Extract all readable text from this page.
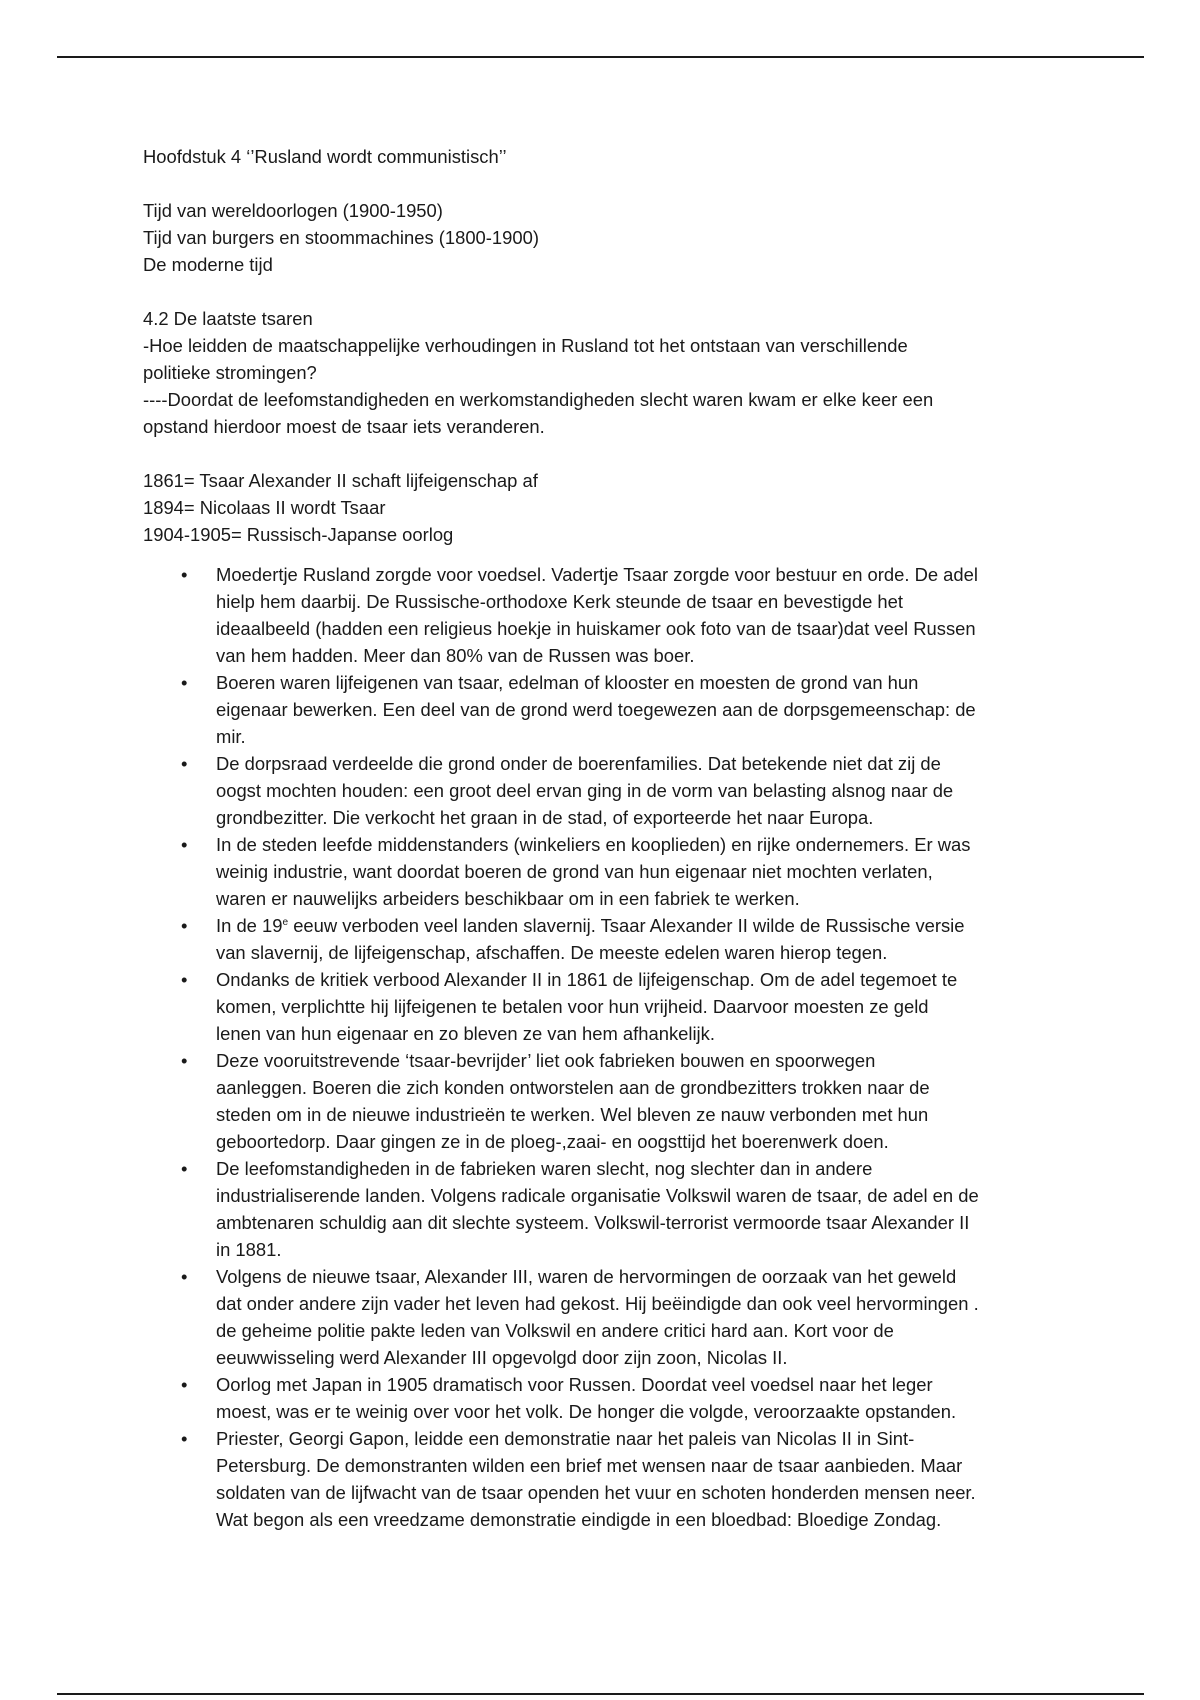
Hoofdstuk 4 ‘’Rusland wordt communistisch’’
Tijd van wereldoorlogen (1900-1950)
Tijd van burgers en stoommachines (1800-1900)
De moderne tijd
4.2 De laatste tsaren
-Hoe leidden de maatschappelijke verhoudingen in Rusland tot het ontstaan van verschillende
politieke stromingen?
----Doordat de leefomstandigheden en werkomstandigheden slecht waren kwam er elke keer een
opstand hierdoor moest de tsaar iets veranderen.
1861= Tsaar Alexander II schaft lijfeigenschap af
1894= Nicolaas II wordt Tsaar
1904-1905= Russisch-Japanse oorlog
• Moedertje Rusland zorgde voor voedsel. Vadertje Tsaar zorgde voor bestuur en orde. De adel
hielp hem daarbij. De Russische-orthodoxe Kerk steunde de tsaar en bevestigde het
ideaalbeeld (hadden een religieus hoekje in huiskamer ook foto van de tsaar)dat veel Russen
van hem hadden. Meer dan 80% van de Russen was boer.
• Boeren waren lijfeigenen van tsaar, edelman of klooster en moesten de grond van hun
eigenaar bewerken. Een deel van de grond werd toegewezen aan de dorpsgemeenschap: de
mir.
• De dorpsraad verdeelde die grond onder de boerenfamilies. Dat betekende niet dat zij de
oogst mochten houden: een groot deel ervan ging in de vorm van belasting alsnog naar de
grondbezitter. Die verkocht het graan in de stad, of exporteerde het naar Europa.
• In de steden leefde middenstanders (winkeliers en kooplieden) en rijke ondernemers. Er was
weinig industrie, want doordat boeren de grond van hun eigenaar niet mochten verlaten,
waren er nauwelijks arbeiders beschikbaar om in een fabriek te werken.
• In de 19e eeuw verboden veel landen slavernij. Tsaar Alexander II wilde de Russische versie
van slavernij, de lijfeigenschap, afschaffen. De meeste edelen waren hierop tegen.
• Ondanks de kritiek verbood Alexander II in 1861 de lijfeigenschap. Om de adel tegemoet te
komen, verplichtte hij lijfeigenen te betalen voor hun vrijheid. Daarvoor moesten ze geld
lenen van hun eigenaar en zo bleven ze van hem afhankelijk.
• Deze vooruitstrevende ‘tsaar-bevrijder’ liet ook fabrieken bouwen en spoorwegen
aanleggen. Boeren die zich konden ontworstelen aan de grondbezitters trokken naar de
steden om in de nieuwe industrieën te werken. Wel bleven ze nauw verbonden met hun
geboortedorp. Daar gingen ze in de ploeg-,zaai- en oogsttijd het boerenwerk doen.
• De leefomstandigheden in de fabrieken waren slecht, nog slechter dan in andere
industrialiserende landen. Volgens radicale organisatie Volkswil waren de tsaar, de adel en de
ambtenaren schuldig aan dit slechte systeem. Volkswil-terrorist vermoorde tsaar Alexander II
in 1881.
• Volgens de nieuwe tsaar, Alexander III, waren de hervormingen de oorzaak van het geweld
dat onder andere zijn vader het leven had gekost. Hij beëindigde dan ook veel hervormingen .
de geheime politie pakte leden van Volkswil en andere critici hard aan. Kort voor de
eeuwwisseling werd Alexander III opgevolgd door zijn zoon, Nicolas II.
• Oorlog met Japan in 1905 dramatisch voor Russen. Doordat veel voedsel naar het leger
moest, was er te weinig over voor het volk. De honger die volgde, veroorzaakte opstanden.
• Priester, Georgi Gapon, leidde een demonstratie naar het paleis van Nicolas II in Sint-
Petersburg. De demonstranten wilden een brief met wensen naar de tsaar aanbieden. Maar
soldaten van de lijfwacht van de tsaar openden het vuur en schoten honderden mensen neer.
Wat begon als een vreedzame demonstratie eindigde in een bloedbad: Bloedige Zondag.
